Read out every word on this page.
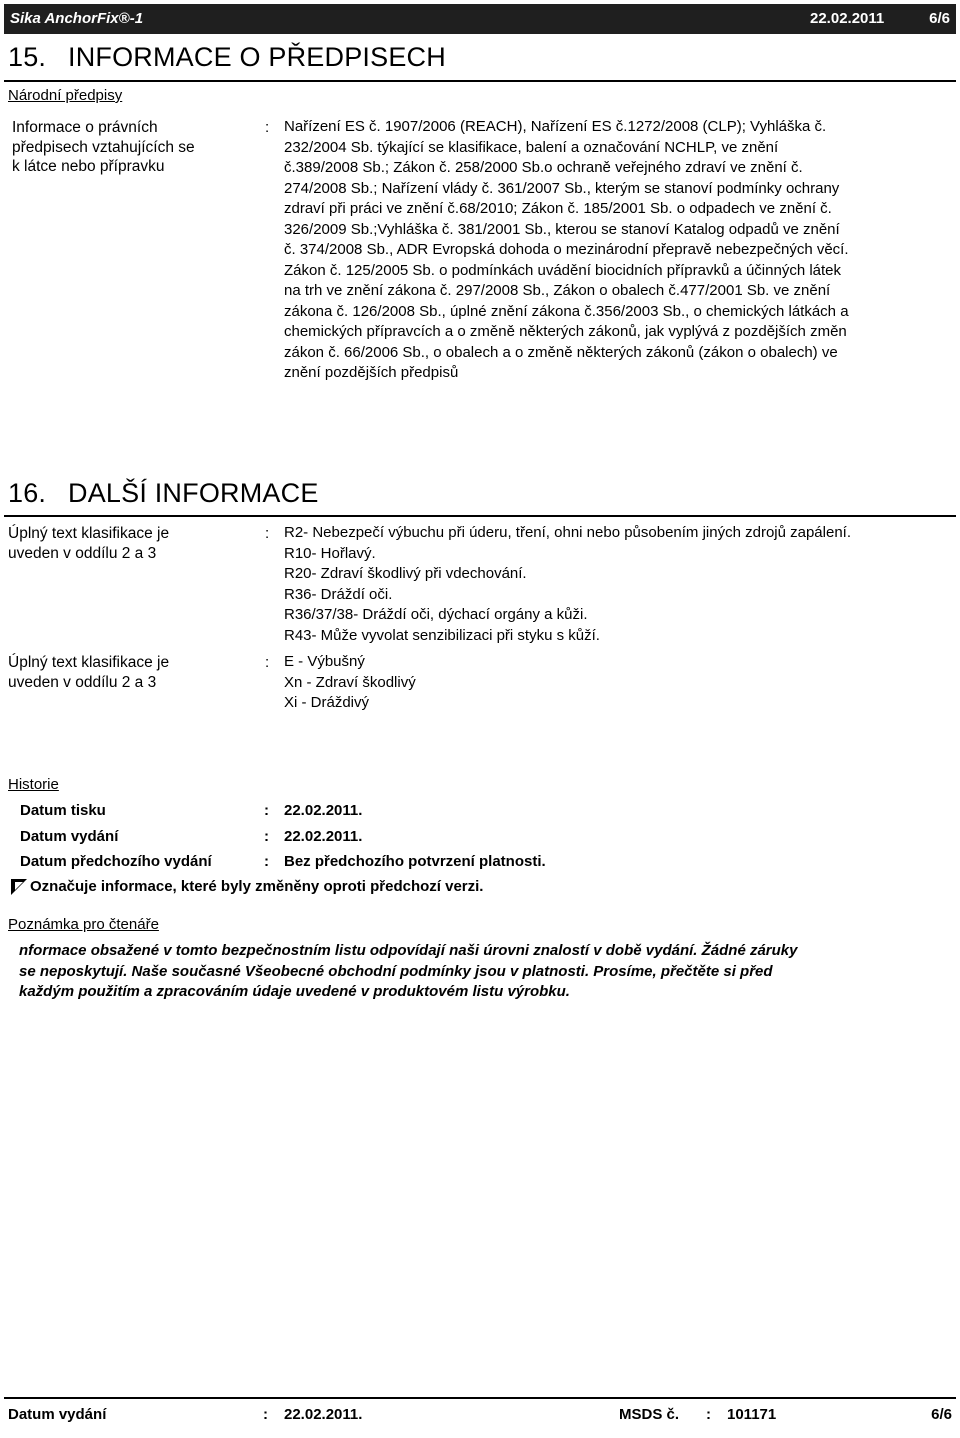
Sika AnchorFix®-1	22.02.2011	6/6
15. INFORMACE O PŘEDPISECH
Národní předpisy
Informace o právních
předpisech vztahujících se
k látce nebo přípravku
: Nařízení ES č. 1907/2006 (REACH), Nařízení ES č.1272/2008 (CLP); Vyhláška č.
232/2004 Sb. týkající se klasifikace, balení a označování NCHLP, ve znění
č.389/2008 Sb.; Zákon č. 258/2000 Sb.o ochraně veřejného zdraví ve znění č.
274/2008 Sb.; Nařízení vlády č. 361/2007 Sb., kterým se stanoví podmínky ochrany
zdraví při práci ve znění č.68/2010; Zákon č. 185/2001 Sb. o odpadech ve znění č.
326/2009 Sb.;Vyhláška č. 381/2001 Sb., kterou se stanoví Katalog odpadů ve znění
č. 374/2008 Sb., ADR Evropská dohoda o mezinárodní přepravě nebezpečných věcí.
Zákon č. 125/2005 Sb. o podmínkách uvádění biocidních přípravků a účinných látek
na trh ve znění zákona č. 297/2008 Sb., Zákon o obalech č.477/2001 Sb. ve znění
zákona č. 126/2008 Sb., úplné znění zákona č.356/2003 Sb., o chemických látkách a
chemických přípravcích a o změně některých zákonů, jak vyplývá z pozdějších změn
zákon č. 66/2006 Sb., o obalech a o změně některých zákonů (zákon o obalech) ve
znění pozdějších předpisů
16. DALŠÍ INFORMACE
Úplný text klasifikace je
uveden v oddílu 2 a 3
: R2- Nebezpečí výbuchu při úderu, tření, ohni nebo působením jiných zdrojů zapálení.
R10- Hořlavý.
R20- Zdraví škodlivý při vdechování.
R36- Dráždí oči.
R36/37/38- Dráždí oči, dýchací orgány a kůži.
R43- Může vyvolat senzibilizaci při styku s kůží.
Úplný text klasifikace je
uveden v oddílu 2 a 3
: E - Výbušný
Xn - Zdraví škodlivý
Xi - Dráždivý
Historie
Datum tisku	: 22.02.2011.
Datum vydání	: 22.02.2011.
Datum předchozího vydání	: Bez předchozího potvrzení platnosti.
Označuje informace, které byly změněny oproti předchozí verzi.
Poznámka pro čtenáře
nformace obsažené v tomto bezpečnostním listu odpovídají naši úrovni znalostí v době vydání. Žádné záruky
se neposkytují. Naše současné Všeobecné obchodní podmínky jsou v platnosti. Prosíme, přečtěte si před
každým použitím a zpracováním údaje uvedené v produktovém listu výrobku.
Datum vydání	: 22.02.2011.	MSDS č. : 101171	6/6
